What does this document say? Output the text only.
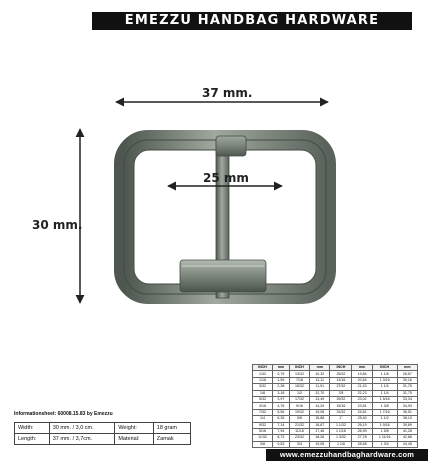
EMEZZU HANDBAG HARDWARE
37 mm.
30 mm.
25 mm
Informationsheet: 60008.15.83 by Emezzu
Width:	30 mm. / 3,0 cm.	Weight:	18 gram
Length:	37 mm. / 3,7cm.	Material:	Zamak
INCH	mm	INCH	mm	INCH	mm	INCH	mm
1/32	0,79	13/32	10,32	25/32	19,84	1 1/8	28,57
1/16	1,59	7/16	11,11	13/16	20,64	1 3/16	30,16
3/32	2,38	15/32	11,91	27/32	21,43	1 1/4	31,75
1/8	3,18	1/2	12,70	7/8	22,23	1 1/4	31,75
5/32	3,97	17/32	13,49	29/32	23,02	1 5/16	33,34
3/16	4,76	9/16	14,29	15/16	23,81	1 3/8	34,93
7/32	5,56	19/32	15,08	31/32	24,61	1 7/16	36,51
1/4	6,35	5/8	15,88	1"	25,40	1 1/2	38,10
9/32	7,14	21/32	16,67	1 1/32	26,19	1 9/16	39,69
5/16	7,94	11/16	17,46	1 1/16	26,99	1 5/8	41,28
11/32	8,73	23/32	18,26	1 3/32	27,78	1 11/16	42,86
3/8	9,53	3/4	19,05	1 1/8	28,58	1 3/4	44,45
www.emezzuhandbaghardware.com
